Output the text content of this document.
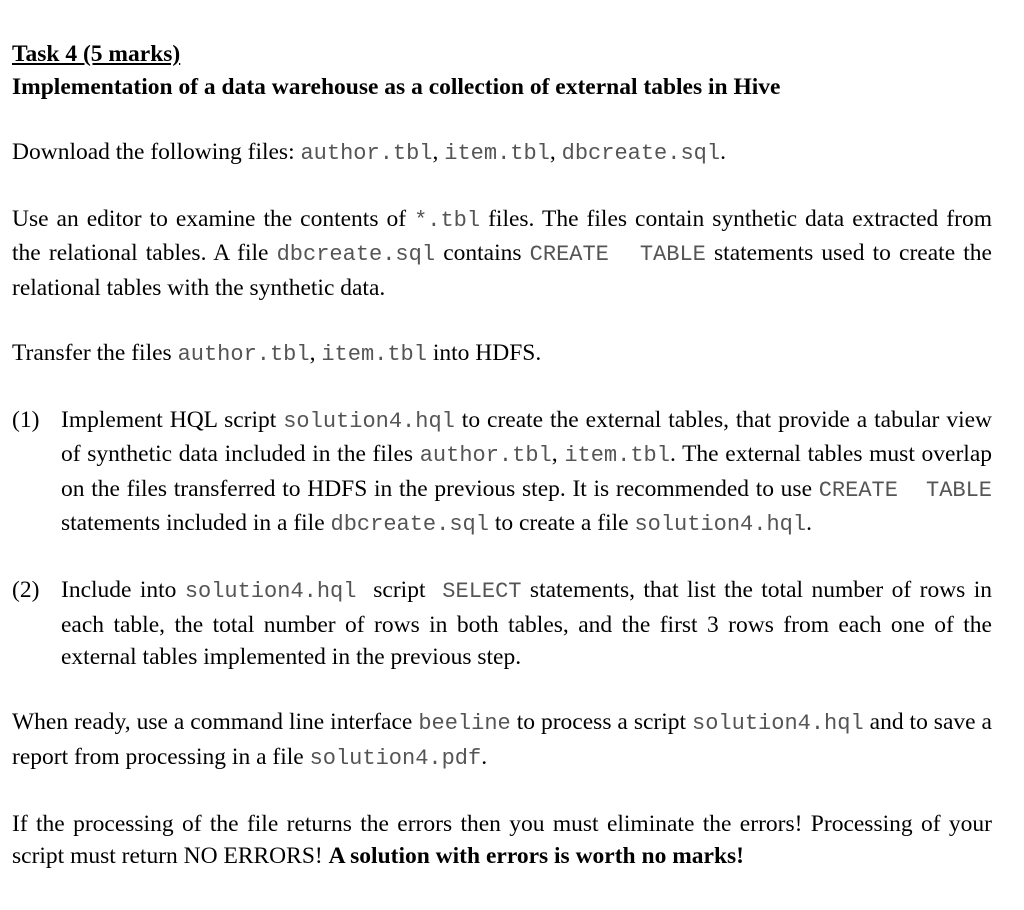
Task 4 (5 marks)

Implementation of a data warehouse as a collection of external tables in Hive

Download the following files: author.tbl, item.tbl, dbcreate.sql.

Use an editor to examine the contents of *.tbl files. The files contain synthetic data extracted from the relational tables. A file dbcreate.sql contains CREATE  TABLE statements used to create the relational tables with the synthetic data.

Transfer the files author.tbl, item.tbl into HDFS.

(1) Implement HQL script solution4.hql to create the external tables, that provide a tabular view of synthetic data included in the files author.tbl, item.tbl. The external tables must overlap on the files transferred to HDFS in the previous step. It is recommended to use CREATE  TABLE statements included in a file dbcreate.sql to create a file solution4.hql.

(2) Include into solution4.hql  script  SELECT statements, that list the total number of rows in each table, the total number of rows in both tables, and the first 3 rows from each one of the external tables implemented in the previous step.

When ready, use a command line interface beeline to process a script solution4.hql and to save a report from processing in a file solution4.pdf.

If the processing of the file returns the errors then you must eliminate the errors! Processing of your script must return NO ERRORS! A solution with errors is worth no marks!
